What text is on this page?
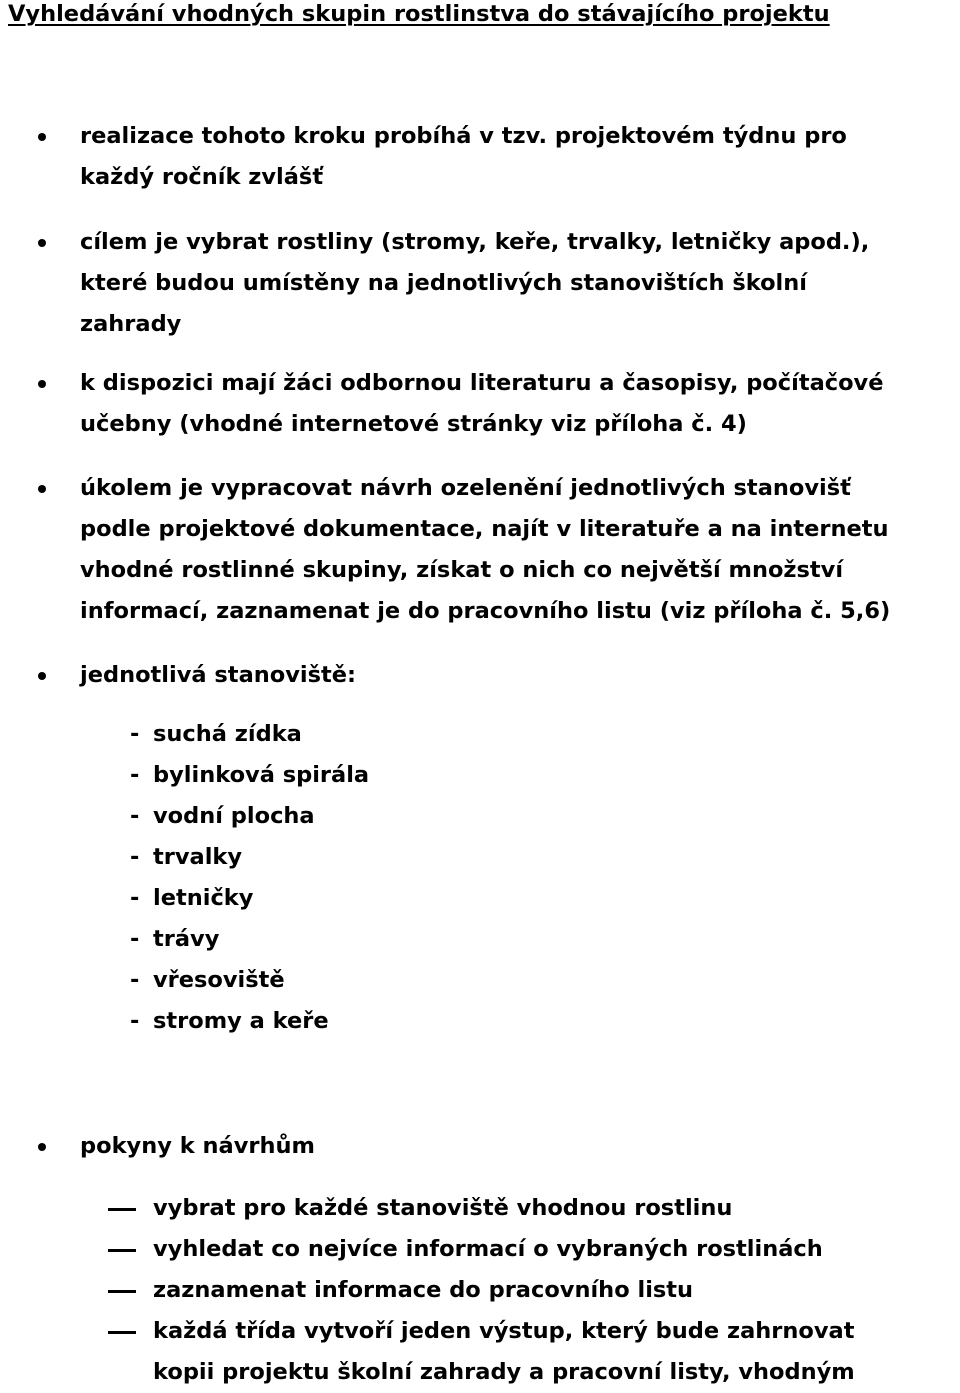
Vyhledávání vhodných skupin rostlinstva do stávajícího projektu
realizace tohoto kroku probíhá v tzv. projektovém týdnu pro
každý ročník zvlášť
cílem je vybrat rostliny (stromy, keře, trvalky, letničky apod.),
které budou umístěny na jednotlivých stanovištích školní
zahrady
k dispozici mají žáci odbornou literaturu a časopisy, počítačové
učebny (vhodné internetové stránky viz příloha č. 4)
úkolem je vypracovat návrh ozelenění jednotlivých stanovišť
podle projektové dokumentace, najít v literatuře a na internetu
vhodné rostlinné skupiny, získat o nich co největší množství
informací, zaznamenat je do pracovního listu (viz příloha č. 5,6)
jednotlivá stanoviště:
- suchá zídka
- bylinková spirála
- vodní plocha
- trvalky
- letničky
- trávy
- vřesoviště
- stromy a keře
pokyny k návrhům
vybrat pro každé stanoviště vhodnou rostlinu
vyhledat co nejvíce informací o vybraných rostlinách
zaznamenat informace do pracovního listu
každá třída vytvoří jeden výstup, který bude zahrnovat
kopii projektu školní zahrady a pracovní listy, vhodným
